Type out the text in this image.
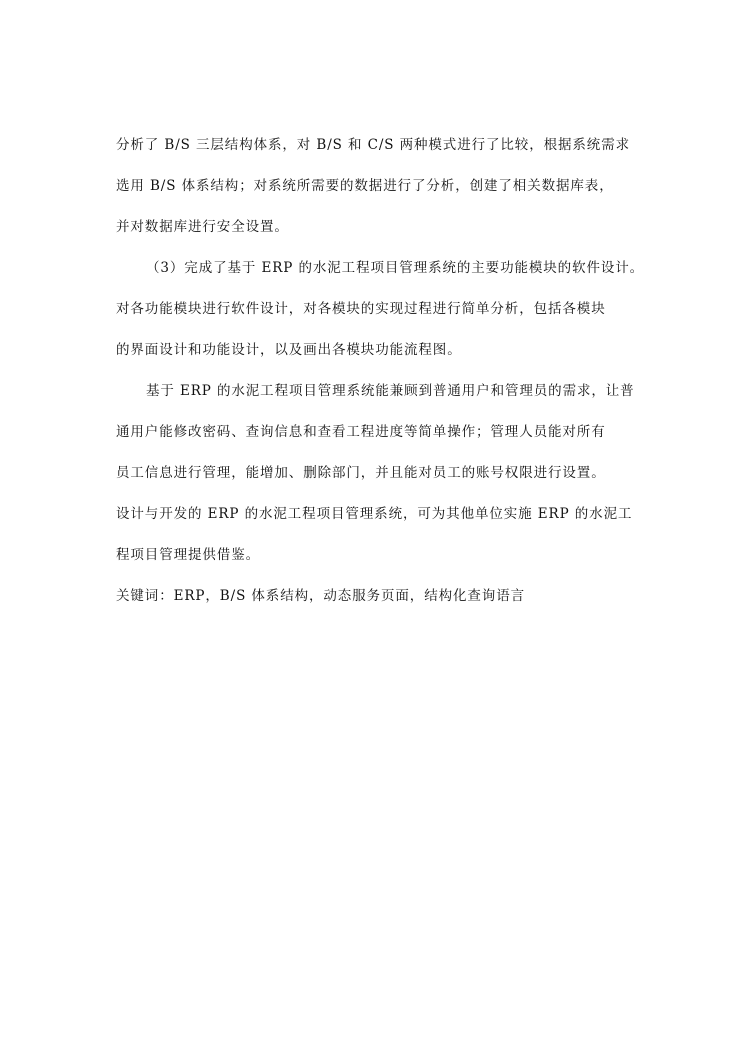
分析了 B/S 三层结构体系，对 B/S 和 C/S 两种模式进行了比较，根据系统需求
选用 B/S 体系结构；对系统所需要的数据进行了分析，创建了相关数据库表，
并对数据库进行安全设置。
（3）完成了基于 ERP 的水泥工程项目管理系统的主要功能模块的软件设计。
对各功能模块进行软件设计，对各模块的实现过程进行简单分析，包括各模块
的界面设计和功能设计，以及画出各模块功能流程图。
基于 ERP 的水泥工程项目管理系统能兼顾到普通用户和管理员的需求，让普
通用户能修改密码、查询信息和查看工程进度等简单操作；管理人员能对所有
员工信息进行管理，能增加、删除部门，并且能对员工的账号权限进行设置。
设计与开发的 ERP 的水泥工程项目管理系统，可为其他单位实施 ERP 的水泥工
程项目管理提供借鉴。
关键词：ERP，B/S 体系结构，动态服务页面，结构化查询语言
